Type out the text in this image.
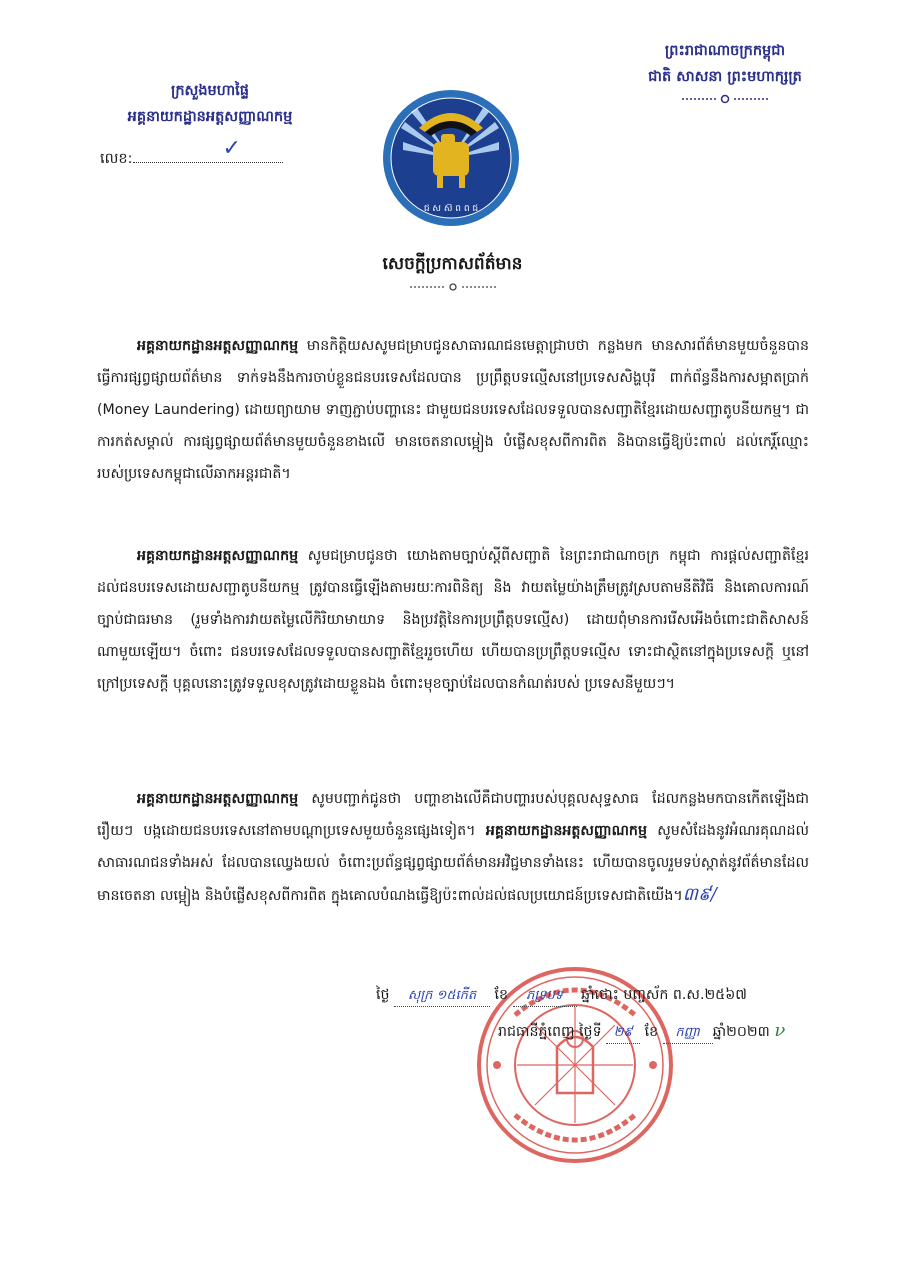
ក្រសួងមហាផ្ទៃ
អគ្គនាយកដ្ឋានអត្តសញ្ញាណកម្ម
លេខ:	✓
ព្រះរាជាណាចក្រកម្ពុជា
ជាតិ សាសនា ព្រះមហាក្សត្រ
ជ ស ស៊ ព ព ជ
សេចក្តីប្រកាសព័ត៌មាន
អគ្គនាយកដ្ឋានអត្តសញ្ញាណកម្ម មានកិត្តិយសសូមជម្រាបជូនសាធារណជនមេត្តាជ្រាបថា កន្លងមក មានសារព័ត៌មានមួយចំនួនបានធ្វើការផ្សព្វផ្សាយព័ត៌មាន ទាក់ទងនឹងការចាប់ខ្លួនជនបរទេសដែលបាន ប្រព្រឹត្តបទល្មើសនៅប្រទេសសិង្ហបុរី ពាក់ព័ន្ធនឹងការសម្អាតប្រាក់ (Money Laundering) ដោយព្យាយាម ទាញភ្ជាប់បញ្ហានេះ ជាមួយជនបរទេសដែលទទួលបានសញ្ជាតិខ្មែរដោយសញ្ជាតូបនីយកម្ម។ ជាការកត់សម្គាល់ ការផ្សព្វផ្សាយព័ត៌មានមួយចំនួនខាងលើ មានចេតនាលម្អៀង បំផ្លើសខុសពីការពិត និងបានធ្វើឱ្យប៉ះពាល់ ដល់កេរ្តិ៍ឈ្មោះរបស់ប្រទេសកម្ពុជាលើឆាកអន្តរជាតិ។
អគ្គនាយកដ្ឋានអត្តសញ្ញាណកម្ម សូមជម្រាបជូនថា យោងតាមច្បាប់ស្តីពីសញ្ជាតិ នៃព្រះរាជាណាចក្រ កម្ពុជា ការផ្តល់សញ្ជាតិខ្មែរដល់ជនបរទេសដោយសញ្ជាតូបនីយកម្ម ត្រូវបានធ្វើឡើងតាមរយៈការពិនិត្យ និង វាយតម្លៃយ៉ាងត្រឹមត្រូវស្របតាមនីតិវិធី និងគោលការណ៍ច្បាប់ជាធរមាន (រួមទាំងការវាយតម្លៃលើកិរិយាមាយាទ និងប្រវត្តិនៃការប្រព្រឹត្តបទល្មើស) ដោយពុំមានការរើសអើងចំពោះជាតិសាសន៍ណាមួយឡើយ។ ចំពោះ ជនបរទេសដែលទទួលបានសញ្ជាតិខ្មែររួចហើយ ហើយបានប្រព្រឹត្តបទល្មើស ទោះជាស្ថិតនៅក្នុងប្រទេសក្តី ឬនៅក្រៅប្រទេសក្តី បុគ្គលនោះត្រូវទទួលខុសត្រូវដោយខ្លួនឯង ចំពោះមុខច្បាប់ដែលបានកំណត់របស់ ប្រទេសនីមួយៗ។
អគ្គនាយកដ្ឋានអត្តសញ្ញាណកម្ម សូមបញ្ជាក់ជូនថា បញ្ហាខាងលើគឺជាបញ្ហារបស់បុគ្គលសុទ្ធសាធ ដែលកន្លងមកបានកើតឡើងជារឿយៗ បង្កដោយជនបរទេសនៅតាមបណ្តាប្រទេសមួយចំនួនផ្សេងទៀត។ អគ្គនាយកដ្ឋានអត្តសញ្ញាណកម្ម សូមសំដែងនូវអំណរគុណដល់សាធារណជនទាំងអស់ ដែលបានឈ្វេងយល់ ចំពោះប្រព័ន្ធផ្សព្វផ្សាយព័ត៌មានអវិជ្ជមានទាំងនេះ ហើយបានចូលរួមទប់ស្កាត់នូវព័ត៌មានដែលមានចេតនា លម្អៀង និងបំផ្លើសខុសពីការពិត ក្នុងគោលបំណងធ្វើឱ្យប៉ះពាល់ដល់ផលប្រយោជន៍ប្រទេសជាតិយើង។៣៩/
ថ្ងៃ សុក្រ ១៥កើត ខែ ភទ្របទ ឆ្នាំថោះ បញ្ចស័ក ព.ស.២៥៦៧
រាជធានីភ្នំពេញ ថ្ងៃទី ២៩ ខែ កញ្ញា ឆ្នាំ២០២៣ ν
